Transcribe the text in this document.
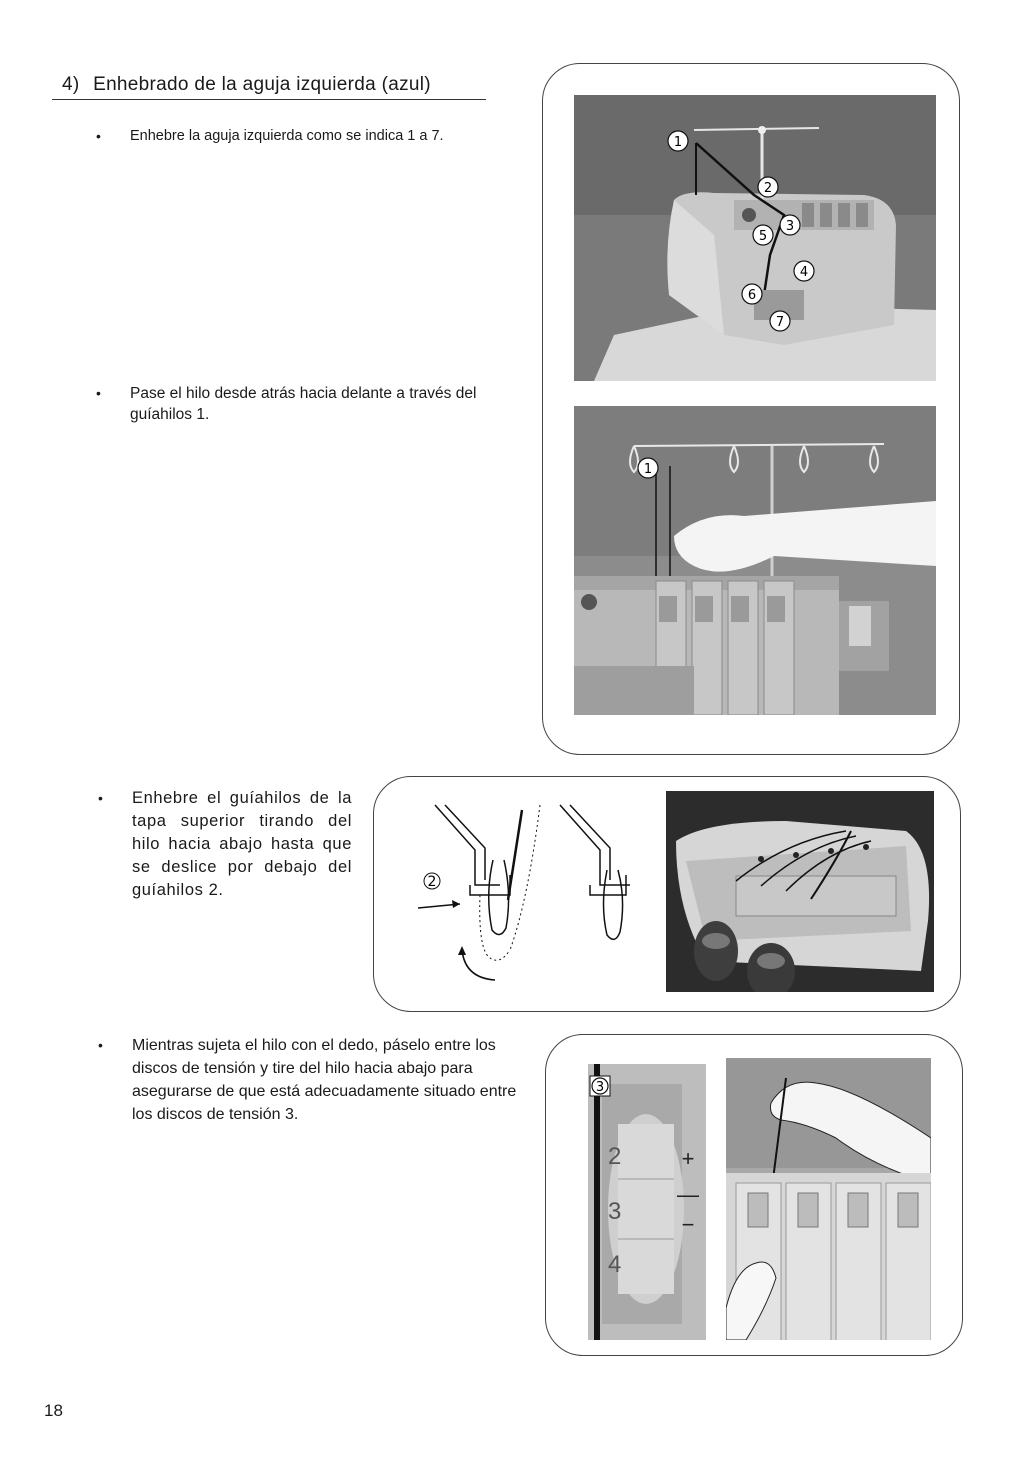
4) Enhebrado de la aguja izquierda (azul)
• Enhebre la aguja izquierda como se indica 1 a 7.
• Pase el hilo desde atrás hacia delante a través del guíahilos 1.
• Enhebre el guíahilos de la tapa superior tirando del hilo hacia abajo hasta que se deslice por debajo del guíahilos 2.
• Mientras sujeta el hilo con el dedo, páselo entre los discos de tensión y tire del hilo hacia abajo para asegurarse de que está adecuadamente situado entre los discos de tensión 3.
1
2
3
4
5
6
7
1
2
3
2
3
4
+
—
−
18
